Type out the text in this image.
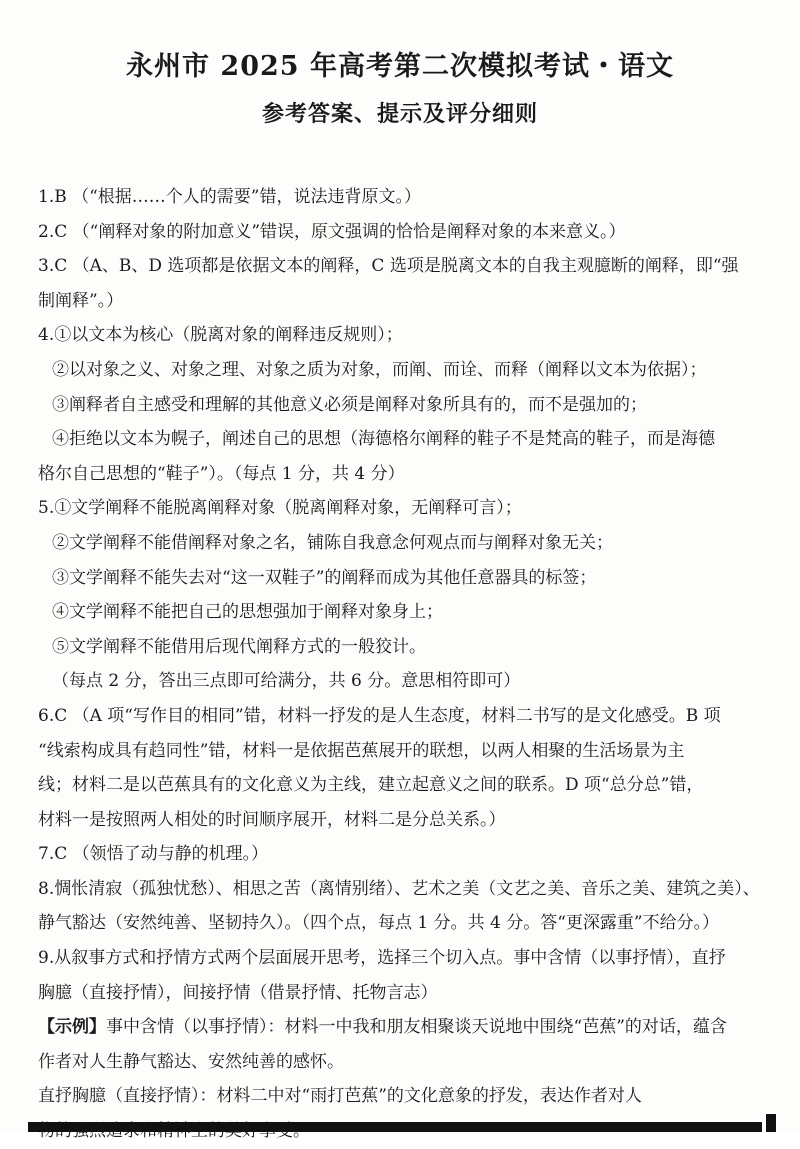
永州市 2025 年高考第二次模拟考试・语文
参考答案、提示及评分细则
1.B （“根据……个人的需要”错，说法违背原文。）
2.C （“阐释对象的附加意义”错误，原文强调的恰恰是阐释对象的本来意义。）
3.C （A、B、D 选项都是依据文本的阐释，C 选项是脱离文本的自我主观臆断的阐释，即“强
制阐释”。）
4.①以文本为核心（脱离对象的阐释违反规则）；
②以对象之义、对象之理、对象之质为对象，而阐、而诠、而释（阐释以文本为依据）；
③阐释者自主感受和理解的其他意义必须是阐释对象所具有的，而不是强加的；
④拒绝以文本为幌子，阐述自己的思想（海德格尔阐释的鞋子不是梵高的鞋子，而是海德
格尔自己思想的“鞋子”）。（每点 1 分，共 4 分）
5.①文学阐释不能脱离阐释对象（脱离阐释对象，无阐释可言）；
②文学阐释不能借阐释对象之名，铺陈自我意念何观点而与阐释对象无关；
③文学阐释不能失去对“这一双鞋子”的阐释而成为其他任意器具的标签；
④文学阐释不能把自己的思想强加于阐释对象身上；
⑤文学阐释不能借用后现代阐释方式的一般狡计。
（每点 2 分，答出三点即可给满分，共 6 分。意思相符即可）
6.C （A 项“写作目的相同”错，材料一抒发的是人生态度，材料二书写的是文化感受。B 项
“线索构成具有趋同性”错，材料一是依据芭蕉展开的联想，以两人相聚的生活场景为主
线；材料二是以芭蕉具有的文化意义为主线，建立起意义之间的联系。D 项“总分总”错，
材料一是按照两人相处的时间顺序展开，材料二是分总关系。）
7.C （领悟了动与静的机理。）
8.惆怅清寂（孤独忧愁）、相思之苦（离情别绪）、艺术之美（文艺之美、音乐之美、建筑之美）、
静气豁达（安然纯善、坚韧持久）。（四个点，每点 1 分。共 4 分。答“更深露重”不给分。）
9.从叙事方式和抒情方式两个层面展开思考，选择三个切入点。事中含情（以事抒情），直抒
胸臆（直接抒情），间接抒情（借景抒情、托物言志）
【示例】事中含情（以事抒情）：材料一中我和朋友相聚谈天说地中围绕“芭蕉”的对话，蕴含
作者对人生静气豁达、安然纯善的感怀。
直抒胸臆（直接抒情）：材料二中对“雨打芭蕉”的文化意象的抒发，表达作者对人
